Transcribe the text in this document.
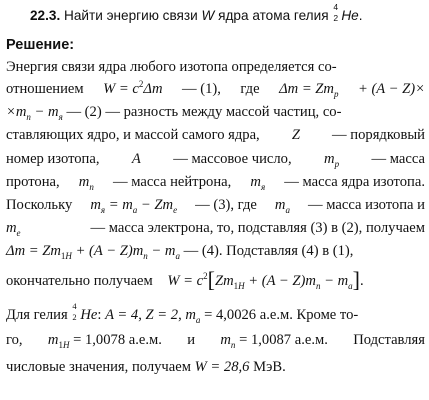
22.3. Найти энергию связи W ядра атома гелия
4
2 He.
Решение:
Энергия связи ядра любого изотопа определяется со-
отношением $W = c^2\Delta m$ — (1), где $\Delta m = Zm_p + (A - Z)\times$
$\times m_n - m_я$ — (2) — разность между массой частиц, со-
ставляющих ядро, и массой самого ядра, Z — порядковый
номер изотопа, A — массовое число, $m_p$ — масса
протона, $m_n$ — масса нейтрона, $m_я$ — масса ядра изотопа.
Поскольку $m_я = m_a - Zm_e$ — (3), где $m_a$ — масса изотопа и
$m_e$	— масса электрона, то, подставляя (3) в (2), получаем
$\Delta m = Zm_{1H} + (A - Z)m_n - m_a$ — (4). Подставляя (4) в (1),
окончательно получаем $W = c^2[Zm_{1H} + (A - Z)m_n - m_a]$.
Для гелия
4
2 He: A = 4, Z = 2, $m_a = 4,0026$ а.е.м. Кроме то-
го, $m_{1H} = 1,0078$ а.е.м. и $m_n = 1,0087$ а.е.м. Подставляя
числовые значения, получаем W = 28,6 МэВ.
